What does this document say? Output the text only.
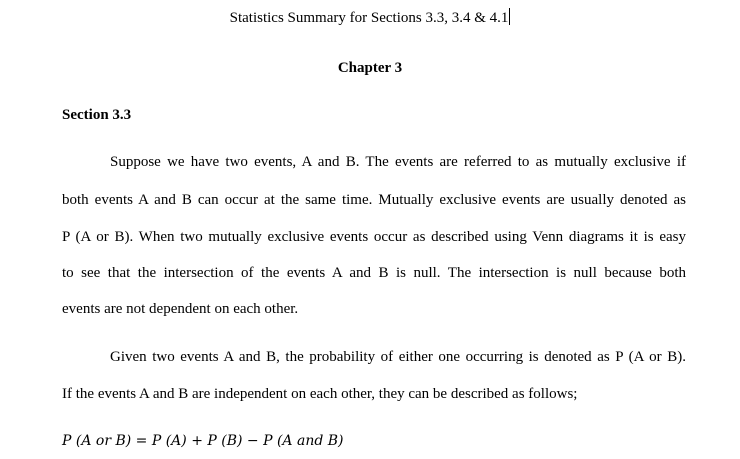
Statistics Summary for Sections 3.3, 3.4 & 4.1
Chapter 3
Section 3.3
Suppose we have two events, A and B. The events are referred to as mutually exclusive if
both events A and B can occur at the same time. Mutually exclusive events are usually denoted as
P (A or B). When two mutually exclusive events occur as described using Venn diagrams it is easy
to see that the intersection of the events A and B is null. The intersection is null because both
events are not dependent on each other.
Given two events A and B, the probability of either one occurring is denoted as P (A or B).
If the events A and B are independent on each other, they can be described as follows;
P (A or B) = P (A) + P (B) − P (A and B)
